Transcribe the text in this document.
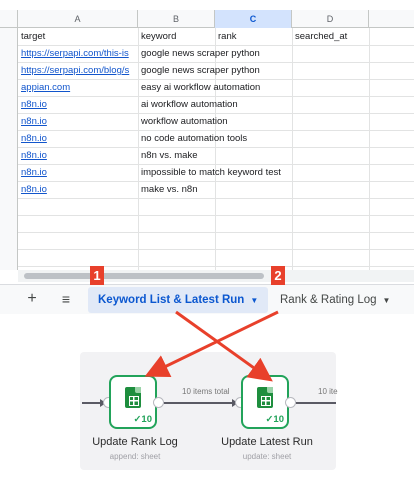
A	B	C	D
target	keyword	rank	searched_at
https://serpapi.com/this-is	google news scraper python
https://serpapi.com/blog/s	google news scraper python
appian.com	easy ai workflow automation
n8n.io	ai workflow automation
n8n.io	workflow automation
n8n.io	no code automation tools
n8n.io	n8n vs. make
n8n.io	impossible to match keyword test
n8n.io	make vs. n8n
+	≡	Keyword List & Latest Run ▼	Rank & Rating Log ▼
1	2
✓10
10 items total
✓10
10 ite
Update Rank Log
append: sheet
Update Latest Run
update: sheet
